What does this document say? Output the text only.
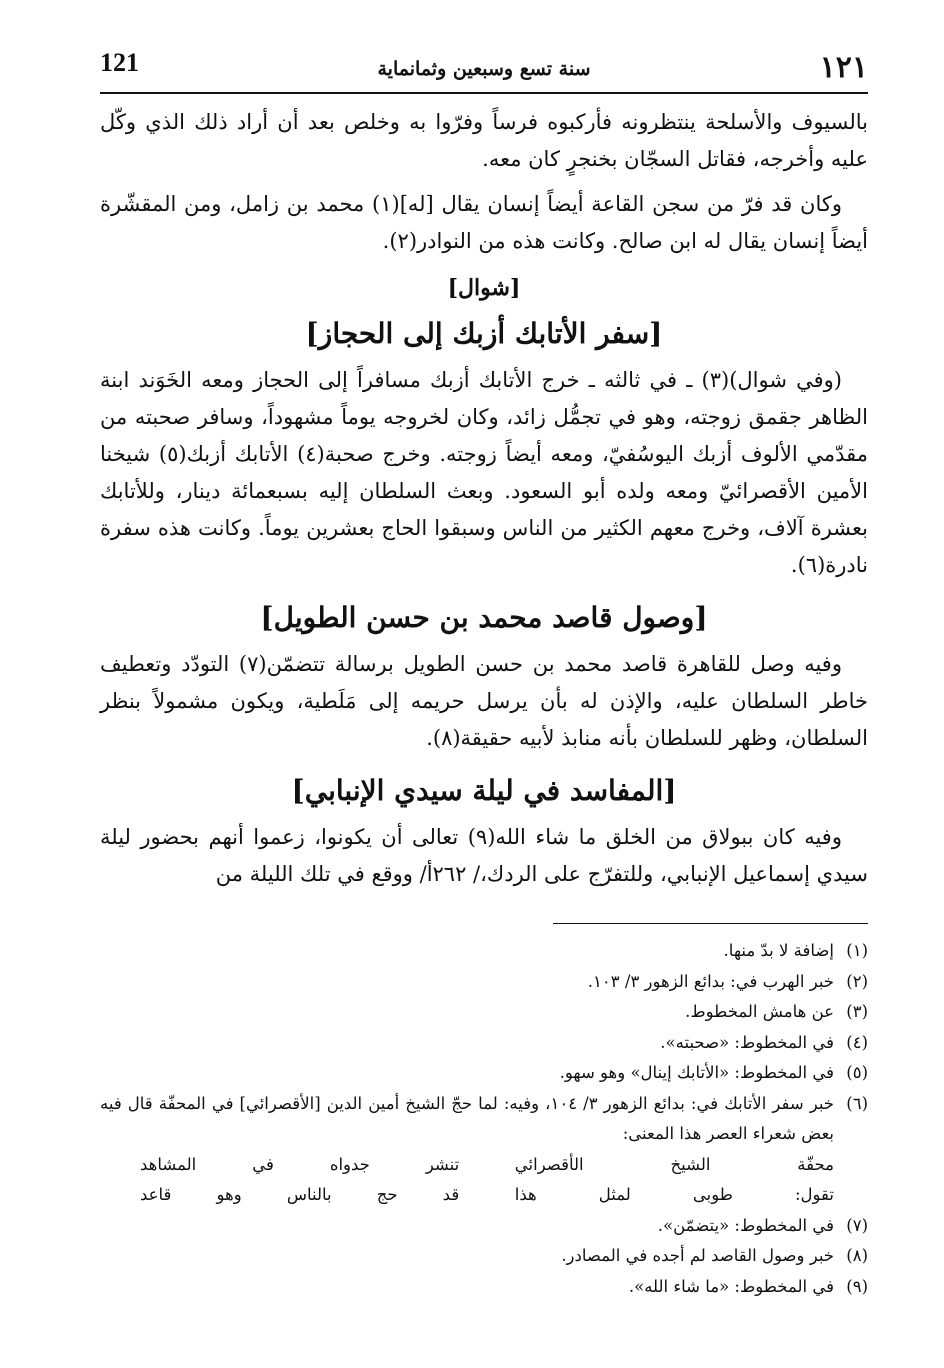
١٢١
سنة تسع وسبعين وثمانماية
121

بالسيوف والأسلحة ينتظرونه فأركبوه فرساً وفرّوا به وخلص بعد أن أراد ذلك الذي وكّل عليه وأخرجه، فقاتل السجّان بخنجرٍ كان معه.

وكان قد فرّ من سجن القاعة أيضاً إنسان يقال [له](١) محمد بن زامل، ومن المقشّرة أيضاً إنسان يقال له ابن صالح. وكانت هذه من النوادر(٢).

[شوال]
[سفر الأتابك أزبك إلى الحجاز]

(وفي شوال)(٣) ـ في ثالثه ـ خرج الأتابك أزبك مسافراً إلى الحجاز ومعه الخَوَند ابنة الظاهر جقمق زوجته، وهو في تجمُّل زائد، وكان لخروجه يوماً مشهوداً، وسافر صحبته من مقدّمي الألوف أزبك اليوسُفيّ، ومعه أيضاً زوجته. وخرج صحبة(٤) الأتابك أزبك(٥) شيخنا الأمين الأقصرائيّ ومعه ولده أبو السعود. وبعث السلطان إليه بسبعمائة دينار، وللأتابك بعشرة آلاف، وخرج معهم الكثير من الناس وسبقوا الحاج بعشرين يوماً. وكانت هذه سفرة نادرة(٦).

[وصول قاصد محمد بن حسن الطويل]

وفيه وصل للقاهرة قاصد محمد بن حسن الطويل برسالة تتضمّن(٧) التودّد وتعطيف خاطر السلطان عليه، والإذن له بأن يرسل حريمه إلى مَلَطية، ويكون مشمولاً بنظر السلطان، وظهر للسلطان بأنه منابذ لأبيه حقيقة(٨).

[المفاسد في ليلة سيدي الإنبابي]

وفيه كان ببولاق من الخلق ما شاء الله(٩) تعالى أن يكونوا، زعموا أنهم بحضور ليلة سيدي إسماعيل الإنبابي، وللتفرّج على الردك،/ ٢٦٢أ/ ووقع في تلك الليلة من

(١)
إضافة لا بدّ منها.
(٢)
خبر الهرب في: بدائع الزهور ٣/ ١٠٣.
(٣)
عن هامش المخطوط.
(٤)
في المخطوط: «صحبته».
(٥)
في المخطوط: «الأتابك إينال» وهو سهو.
(٦)
خبر سفر الأتابك في: بدائع الزهور ٣/ ١٠٤، وفيه: لما حجّ الشيخ أمين الدين [الأقصرائي] في المحفّة قال فيه بعض شعراء العصر هذا المعنى:
محفّة الشيخ الأقصرائي
تنشر جدواه في المشاهد
تقول: طوبى لمثل هذا
قد حج بالناس وهو قاعد
(٧)
في المخطوط: «يتضمّن».
(٨)
خبر وصول القاصد لم أجده في المصادر.
(٩)
في المخطوط: «ما شاء الله».
